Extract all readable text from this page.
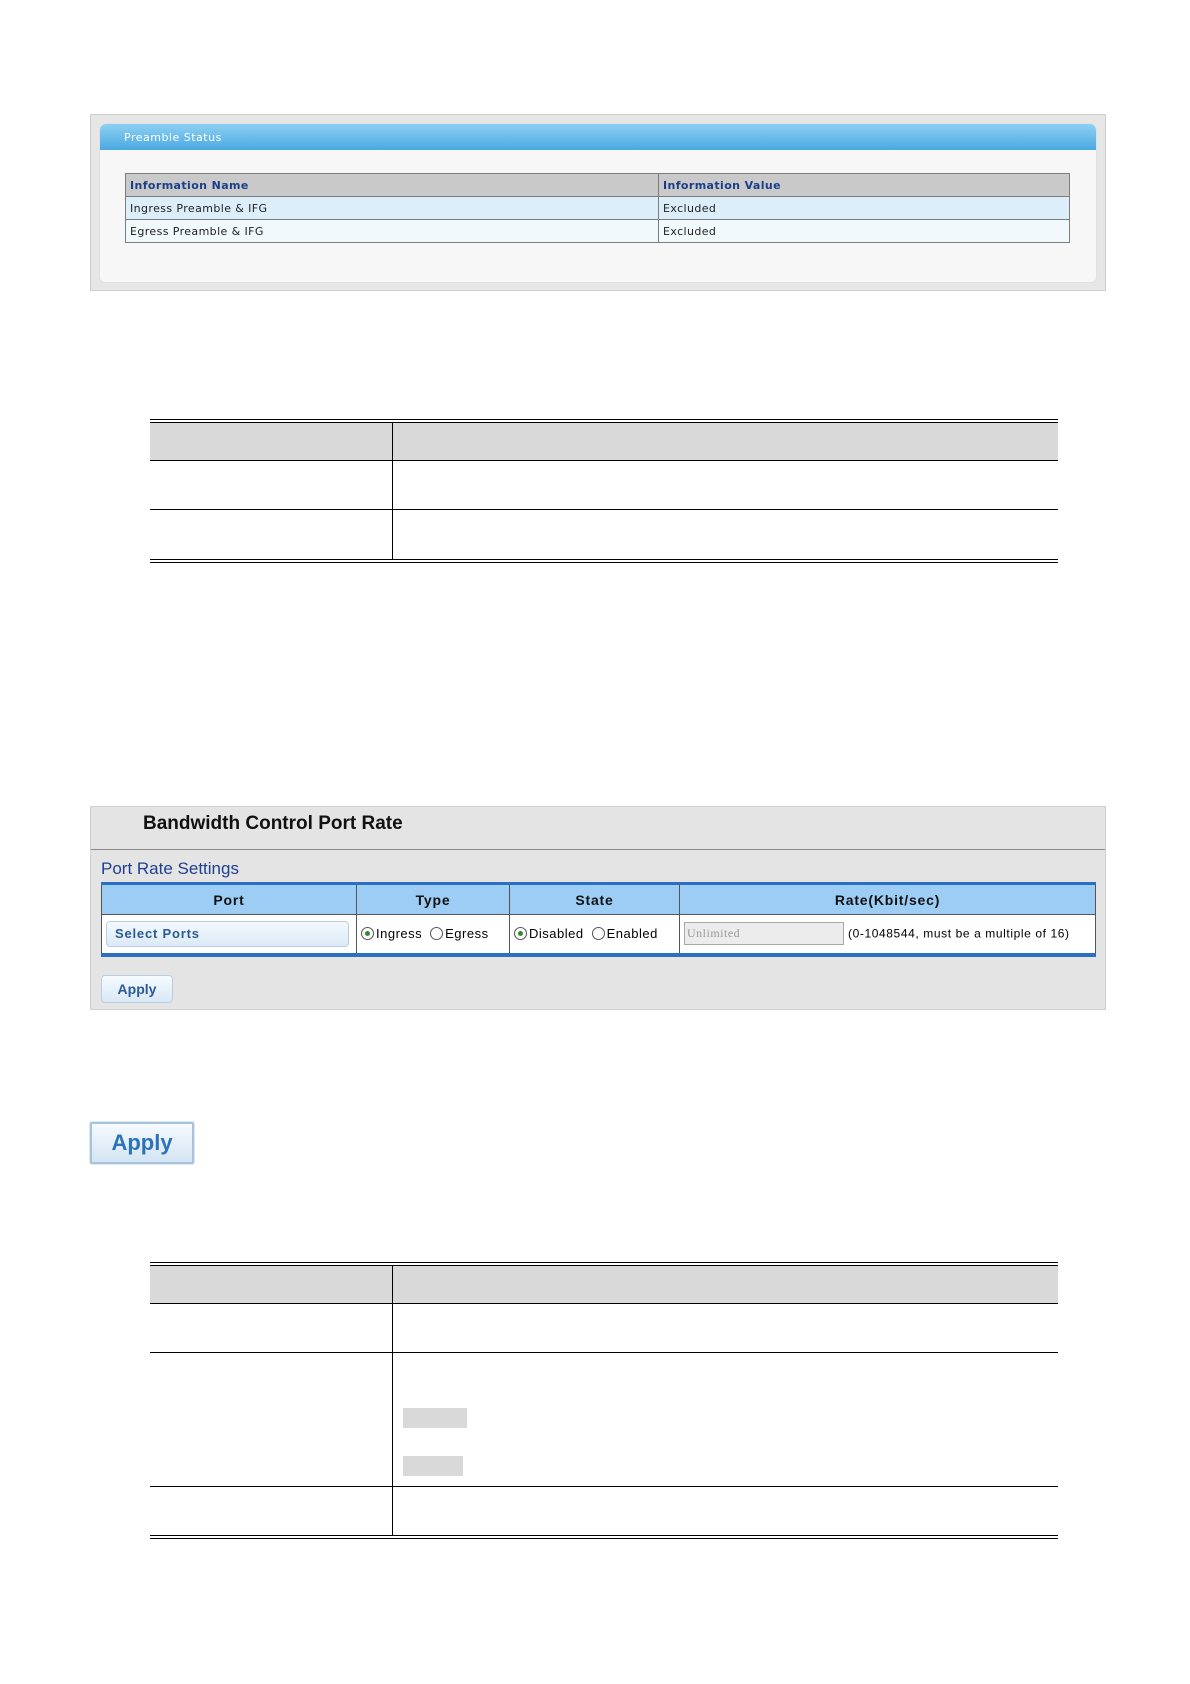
Preamble Status
Information Name	Information Value
Ingress Preamble & IFG	Excluded
Egress Preamble & IFG	Excluded
Bandwidth Control Port Rate
Port Rate Settings
Port	Type	State	Rate(Kbit/sec)

Select Ports	Ingress Egress	Disabled Enabled	Unlimited (0-1048544, must be a multiple of 16)
Apply
Apply
